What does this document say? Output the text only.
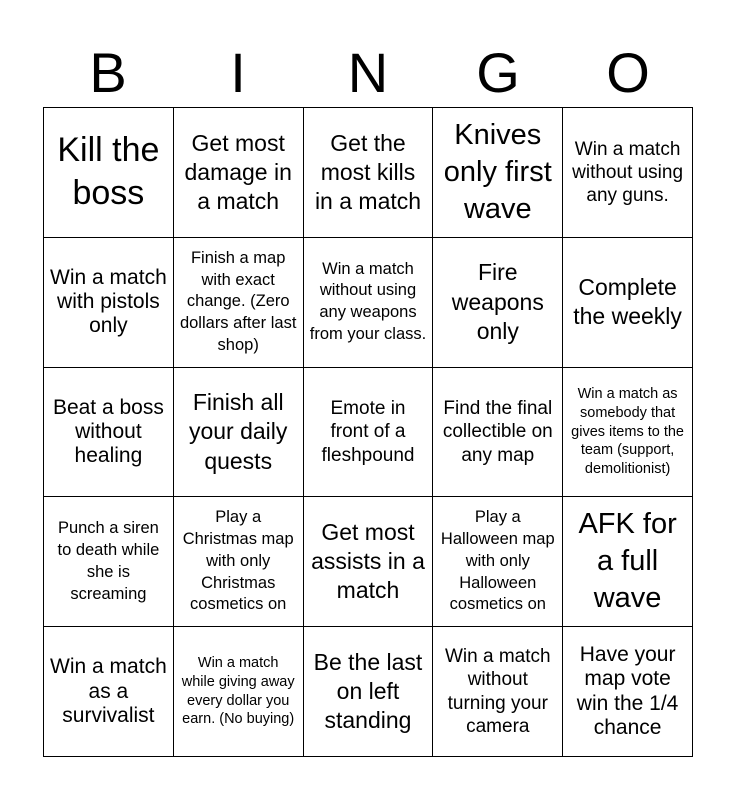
B	I	N	G	O
Kill the boss
Get most damage in a match
Get the most kills in a match
Knives only first wave
Win a match without using any guns.
Win a match with pistols only
Finish a map with exact change. (Zero dollars after last shop)
Win a match without using any weapons from your class.
Fire weapons only
Complete the weekly
Beat a boss without healing
Finish all your daily quests
Emote in front of a fleshpound
Find the final collectible on any map
Win a match as somebody that gives items to the team (support, demolitionist)
Punch a siren to death while she is screaming
Play a Christmas map with only Christmas cosmetics on
Get most assists in a match
Play a Halloween map with only Halloween cosmetics on
AFK for a full wave
Win a match as a survivalist
Win a match while giving away every dollar you earn. (No buying)
Be the last on left standing
Win a match without turning your camera
Have your map vote win the 1/4 chance
